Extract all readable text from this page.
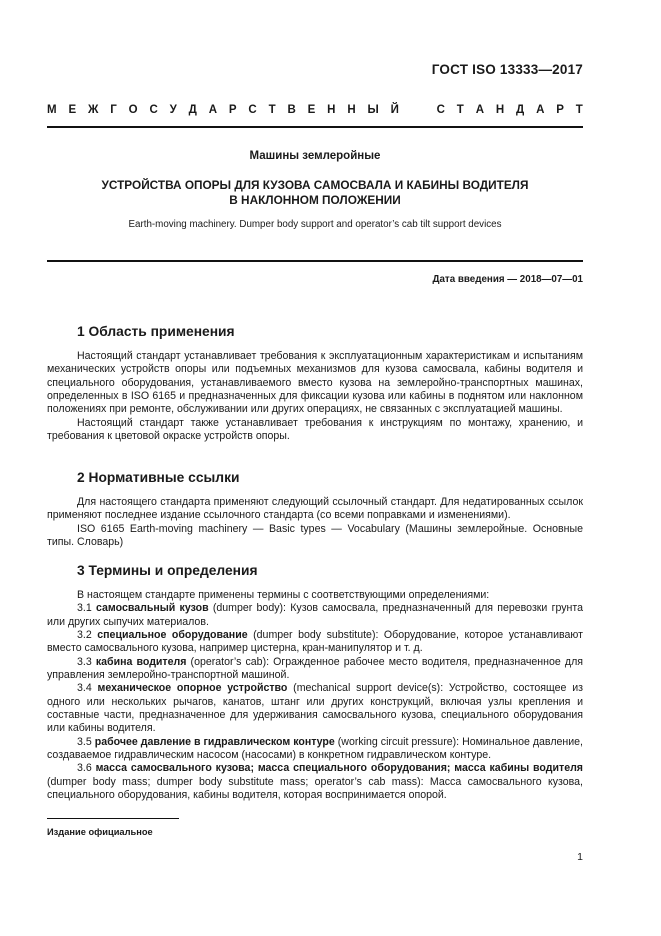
ГОСТ ISO 13333—2017
М Е Ж Г О С У Д А Р С Т В Е Н Н Ы Й	С Т А Н Д А Р Т
Машины землеройные
УСТРОЙСТВА ОПОРЫ ДЛЯ КУЗОВА САМОСВАЛА И КАБИНЫ ВОДИТЕЛЯ
В НАКЛОННОМ ПОЛОЖЕНИИ
Earth-moving machinery. Dumper body support and operator’s cab tilt support devices
Дата введения — 2018—07—01
1 Область применения

Настоящий стандарт устанавливает требования к эксплуатационным характеристикам и испытаниям механических устройств опоры или подъемных механизмов для кузова самосвала, кабины водителя и специального оборудования, устанавливаемого вместо кузова на землеройно-транспортных машинах, определенных в ISO 6165 и предназначенных для фиксации кузова или кабины в поднятом или наклонном положениях при ремонте, обслуживании или других операциях, не связанных с эксплуатацией машины.

Настоящий стандарт также устанавливает требования к инструкциям по монтажу, хранению, и требования к цветовой окраске устройств опоры.

2 Нормативные ссылки

Для настоящего стандарта применяют следующий ссылочный стандарт. Для недатированных ссылок применяют последнее издание ссылочного стандарта (со всеми поправками и изменениями).

ISO 6165 Earth-moving machinery — Basic types — Vocabulary (Машины землеройные. Основные типы. Словарь)

3 Термины и определения

В настоящем стандарте применены термины с соответствующими определениями:

3.1 самосвальный кузов (dumper body): Кузов самосвала, предназначенный для перевозки грунта или других сыпучих материалов.

3.2 специальное оборудование (dumper body substitute): Оборудование, которое устанавливают вместо самосвального кузова, например цистерна, кран-манипулятор и т. д.

3.3 кабина водителя (operator’s cab): Огражденное рабочее место водителя, предназначенное для управления землеройно-транспортной машиной.

3.4 механическое опорное устройство (mechanical support device(s): Устройство, состоящее из одного или нескольких рычагов, канатов, штанг или других конструкций, включая узлы крепления и составные части, предназначенное для удерживания самосвального кузова, специального оборудования или кабины водителя.

3.5 рабочее давление в гидравлическом контуре (working circuit pressure): Номинальное давление, создаваемое гидравлическим насосом (насосами) в конкретном гидравлическом контуре.

3.6 масса самосвального кузова; масса специального оборудования; масса кабины водителя (dumper body mass; dumper body substitute mass; operator’s cab mass): Масса самосвального кузова, специального оборудования, кабины водителя, которая воспринимается опорой.

Издание официальное
1
